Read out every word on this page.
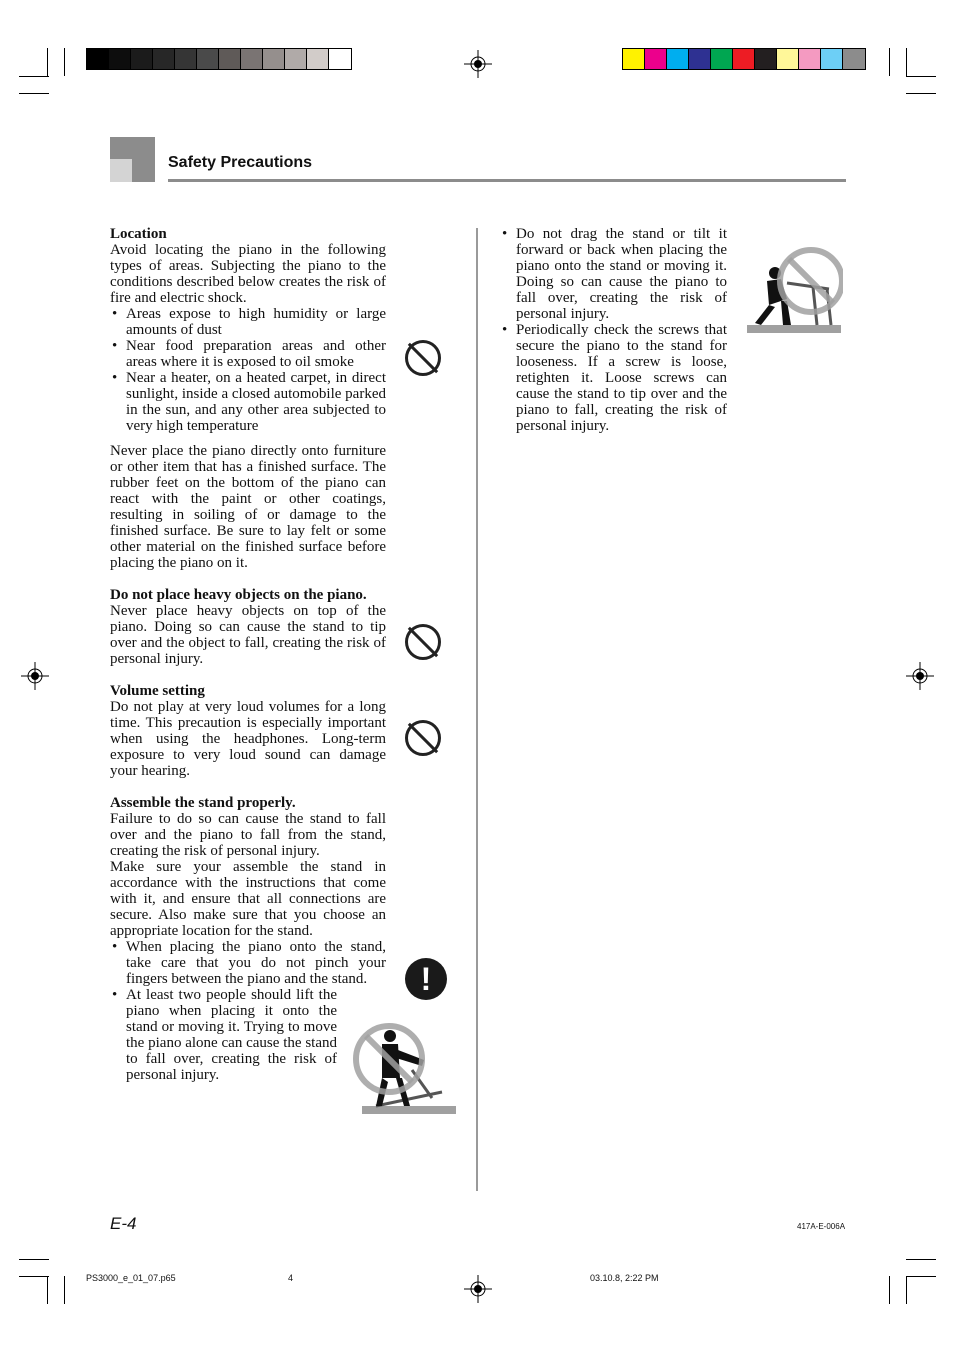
Safety Precautions

Location

Avoid locating the piano in the following types of areas. Subjecting the piano to the conditions described below creates the risk of fire and electric shock.

• Areas expose to high humidity or large amounts of dust
• Near food preparation areas and other areas where it is exposed to oil smoke
• Near a heater, on a heated carpet, in direct sunlight, inside a closed automobile parked in the sun, and any other area subjected to very high temperature

Never place the piano directly onto furniture or other item that has a finished surface. The rubber feet on the bottom of the piano can react with the paint or other coatings, resulting in soiling of or damage to the finished surface. Be sure to lay felt or some other material on the finished surface before placing the piano on it.

Do not place heavy objects on the piano.

Never place heavy objects on top of the piano. Doing so can cause the stand to tip over and the object to fall, creating the risk of personal injury.

Volume setting

Do not play at very loud volumes for a long time. This precaution is especially important when using the headphones. Long-term exposure to very loud sound can damage your hearing.

Assemble the stand properly.

Failure to do so can cause the stand to fall over and the piano to fall from the stand, creating the risk of personal injury.

Make sure your assemble the stand in accordance with the instructions that come with it, and ensure that all connections are secure. Also make sure that you choose an appropriate location for the stand.

• When placing the piano onto the stand, take care that you do not pinch your fingers between the piano and the stand.
• At least two people should lift the piano when placing it onto the stand or moving it. Trying to move the piano alone can cause the stand to fall over, creating the risk of personal injury.
!
• Do not drag the stand or tilt it forward or back when placing the piano onto the stand or moving it. Doing so can cause the piano to fall over, creating the risk of personal injury.
• Periodically check the screws that secure the piano to the stand for looseness. If a screw is loose, retighten it. Loose screws can cause the stand to tip over and the piano to fall, creating the risk of personal injury.
E-4	417A-E-006A
PS3000_e_01_07.p65	4	03.10.8, 2:22 PM
